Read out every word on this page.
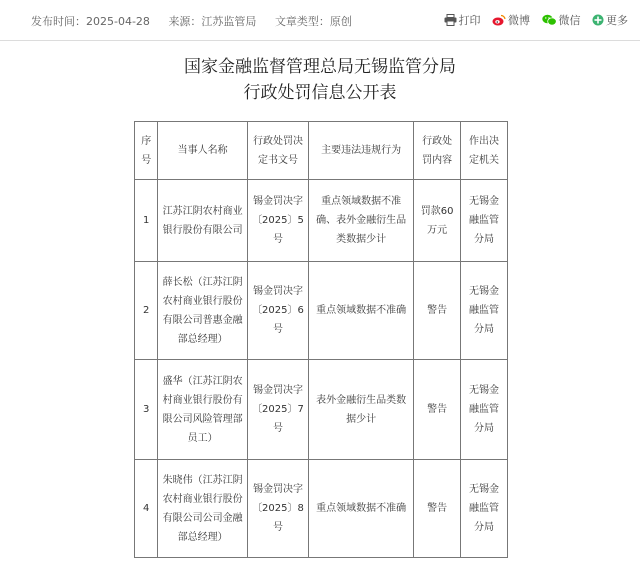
发布时间：2025-04-28 来源：江苏监管局 文章类型：原创	打印
	微博
	微信
更多
国家金融监督管理总局无锡监管分局
行政处罚信息公开表
序号	当事人名称	行政处罚决定书文号	主要违法违规行为	行政处罚内容	作出决定机关
1	江苏江阴农村商业银行股份有限公司	锡金罚决字〔2025〕5号	重点领域数据不准确、表外金融衍生品类数据少计	罚款60万元	无锡金融监管分局
2	薛长松（江苏江阴农村商业银行股份有限公司普惠金融部总经理）	锡金罚决字〔2025〕6号	重点领域数据不准确	警告	无锡金融监管分局
3	盛华（江苏江阴农村商业银行股份有限公司风险管理部员工）	锡金罚决字〔2025〕7号	表外金融衍生品类数据少计	警告	无锡金融监管分局
4	朱晓伟（江苏江阴农村商业银行股份有限公司公司金融部总经理）	锡金罚决字〔2025〕8号	重点领域数据不准确	警告	无锡金融监管分局
